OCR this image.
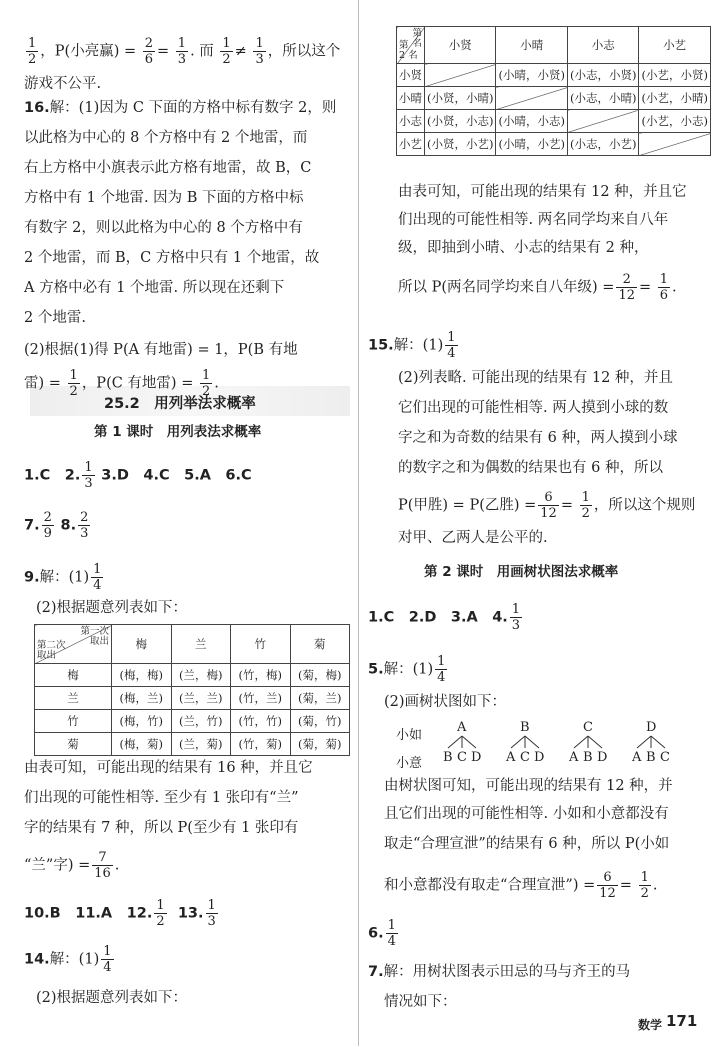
$\frac{1}{2}$ ，P(小亮赢) = $\frac{2}{6} = \frac{1}{3}$ . 而 $\frac{1}{2} \ne \frac{1}{3}$ ，所以这个
游戏不公平.
16.解：(1)因为 C 下面的方格中标有数字 2，则
以此格为中心的 8 个方格中有 2 个地雷，而
右上方格中小旗表示此方格有地雷，故 B，C
方格中有 1 个地雷. 因为 B 下面的方格中标
有数字 2，则以此格为中心的 8 个方格中有
2 个地雷，而 B，C 方格中只有 1 个地雷，故
A 方格中必有 1 个地雷. 所以现在还剩下
2 个地雷.
(2)根据(1)得 P(A 有地雷) = 1，P(B 有地
雷) = $\frac{1}{2}$ ，P(C 有地雷) = $\frac{1}{2}$ .
25.2　用列举法求概率
第 1 课时　用列表法求概率
1.C　2. $\frac{1}{3} 3.D$　4.C　5.A　6.C
7. $\frac{2}{9} 8$. $\frac{2}{3}$
9.解：$(1) \frac{1}{4}$
(2)根据题意列表如下：
第一次
取出
第二次
取出	梅	兰	竹	菊
梅	(梅，梅)	(兰，梅)	(竹，梅)	(菊，梅)
兰	(梅，兰)	(兰，兰)	(竹，兰)	(菊，兰)
竹	(梅，竹)	(兰，竹)	(竹，竹)	(菊，竹)
菊	(梅，菊)	(兰，菊)	(竹，菊)	(菊，菊)
由表可知，可能出现的结果有 16 种，并且它
们出现的可能性相等. 至少有 1 张印有“兰”
字的结果有 7 种，所以 P(至少有 1 张印有
“兰”字) = $\frac{7}{16}$ .
10.B　11.A　12. $\frac{1}{2} 13$. $\frac{1}{3}$
14.解：$(1) \frac{1}{4}$
(2)根据题意列表如下：
第
名
第
2 名	小贤	小晴	小志	小艺
小贤		(小晴，小贤)	(小志，小贤)	(小艺，小贤)
小晴	(小贤，小晴)		(小志，小晴)	(小艺，小晴)
小志	(小贤，小志)	(小晴，小志)		(小艺，小志)
小艺	(小贤，小艺)	(小晴，小艺)	(小志，小艺)	
由表可知，可能出现的结果有 12 种，并且它
们出现的可能性相等. 两名同学均来自八年
级，即抽到小晴、小志的结果有 2 种，
所以 P(两名同学均来自八年级) = $\frac{2}{12} = \frac{1}{6}$ .
15.解：$(1) \frac{1}{4}$
(2)列表略. 可能出现的结果有 12 种，并且
它们出现的可能性相等. 两人摸到小球的数
字之和为奇数的结果有 6 种，两人摸到小球
的数字之和为偶数的结果也有 6 种，所以
P(甲胜) = P(乙胜) = $\frac{6}{12} = \frac{1}{2}$ ，所以这个规则
对甲、乙两人是公平的.
第 2 课时　用画树状图法求概率
1.C　2.D　3.A　4. $\frac{1}{3}$
5.解：$(1) \frac{1}{4}$
(2)画树状图如下：
小如
小意
A	B	C	D
B C D A C D A B D A B C
由树状图可知，可能出现的结果有 12 种，并
且它们出现的可能性相等. 小如和小意都没有
取走“合理宣泄”的结果有 6 种，所以 P(小如
和小意都没有取走“合理宣泄”) = $\frac{6}{12} = \frac{1}{2}$ .
6. $\frac{1}{4}$
7.解：用树状图表示田忌的马与齐王的马
情况如下：
数学 171
